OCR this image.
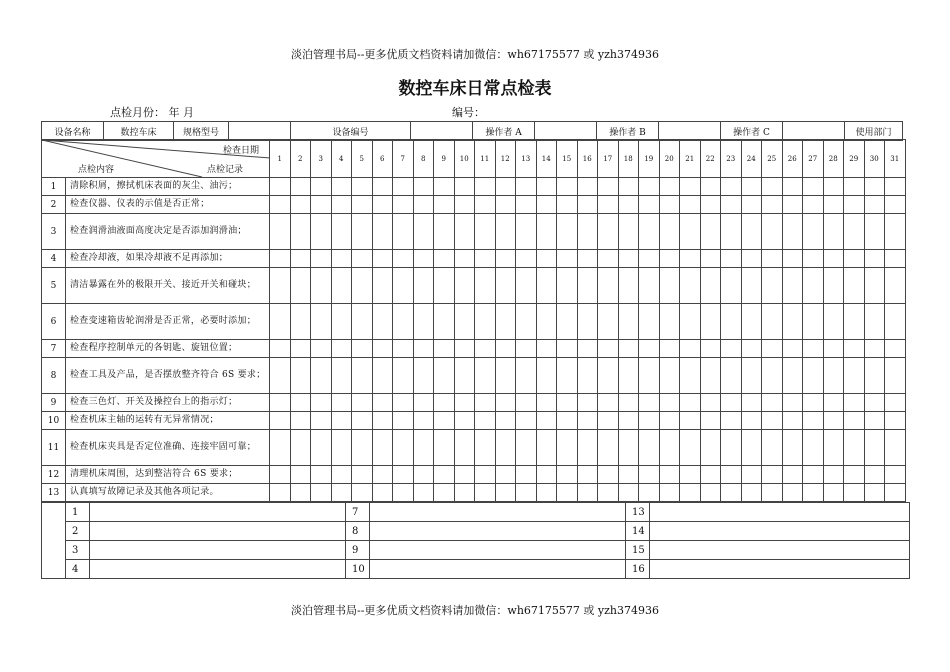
淡泊管理书局--更多优质文档资料请加微信：wh67175577 或 yzh374936
数控车床日常点检表
点检月份： 年 月	编号：
设备名称	数控车床	规格型号		设备编号		操作者 A		操作者 B		操作者 C		使用部门
检查日期
点检内容 点检记录		1	2	3	4	5	6	7	8	9	10	11	12	13	14	15	16	17	18	19	20	21	22	23	24	25	26	27	28	29	30	31
1	清除积屑，擦拭机床表面的灰尘、油污；																															
2	检查仪器、仪表的示值是否正常；																															
3	检查润滑油液面高度决定是否添加润滑油；																															
4	检查冷却液，如果冷却液不足再添加；																															
5	清洁暴露在外的极限开关、接近开关和碰块；																															
6	检查变速箱齿轮润滑是否正常，必要时添加；																															
7	检查程序控制单元的各钥匙、旋钮位置；																															
8	检查工具及产品，是否摆放整齐符合 6S 要求；																															
9	检查三色灯、开关及操控台上的指示灯；																															
10	检查机床主轴的运转有无异常情况；																															
11	检查机床夹具是否定位准确、连接牢固可靠；																															
12	清理机床周围，达到整洁符合 6S 要求；																															
13	认真填写故障记录及其他各项记录。																															
	1		7		13	
	2		8		14	
	3		9		15	
	4		10		16	
淡泊管理书局--更多优质文档资料请加微信：wh67175577 或 yzh374936
